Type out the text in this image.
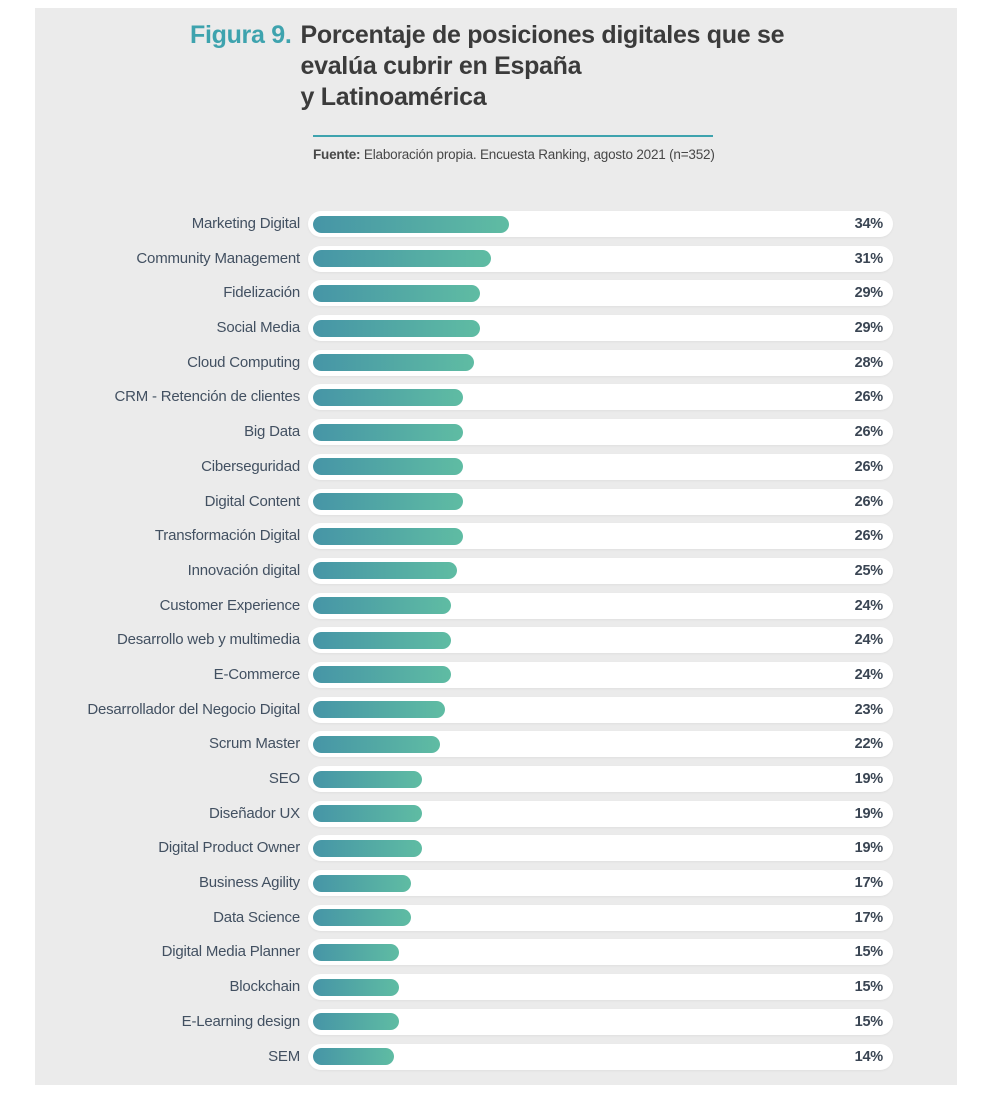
Figura 9. Porcentaje de posiciones digitales que se
evalúa cubrir en España
y Latinoamérica
Fuente: Elaboración propia. Encuesta Ranking, agosto 2021 (n=352)
Marketing Digital	34%
Community Management	31%
Fidelización	29%
Social Media	29%
Cloud Computing	28%
CRM - Retención de clientes	26%
Big Data	26%
Ciberseguridad	26%
Digital Content	26%
Transformación Digital	26%
Innovación digital	25%
Customer Experience	24%
Desarrollo web y multimedia	24%
E-Commerce	24%
Desarrollador del Negocio Digital	23%
Scrum Master	22%
SEO	19%
Diseñador UX	19%
Digital Product Owner	19%
Business Agility	17%
Data Science	17%
Digital Media Planner	15%
Blockchain	15%
E-Learning design	15%
SEM	14%
